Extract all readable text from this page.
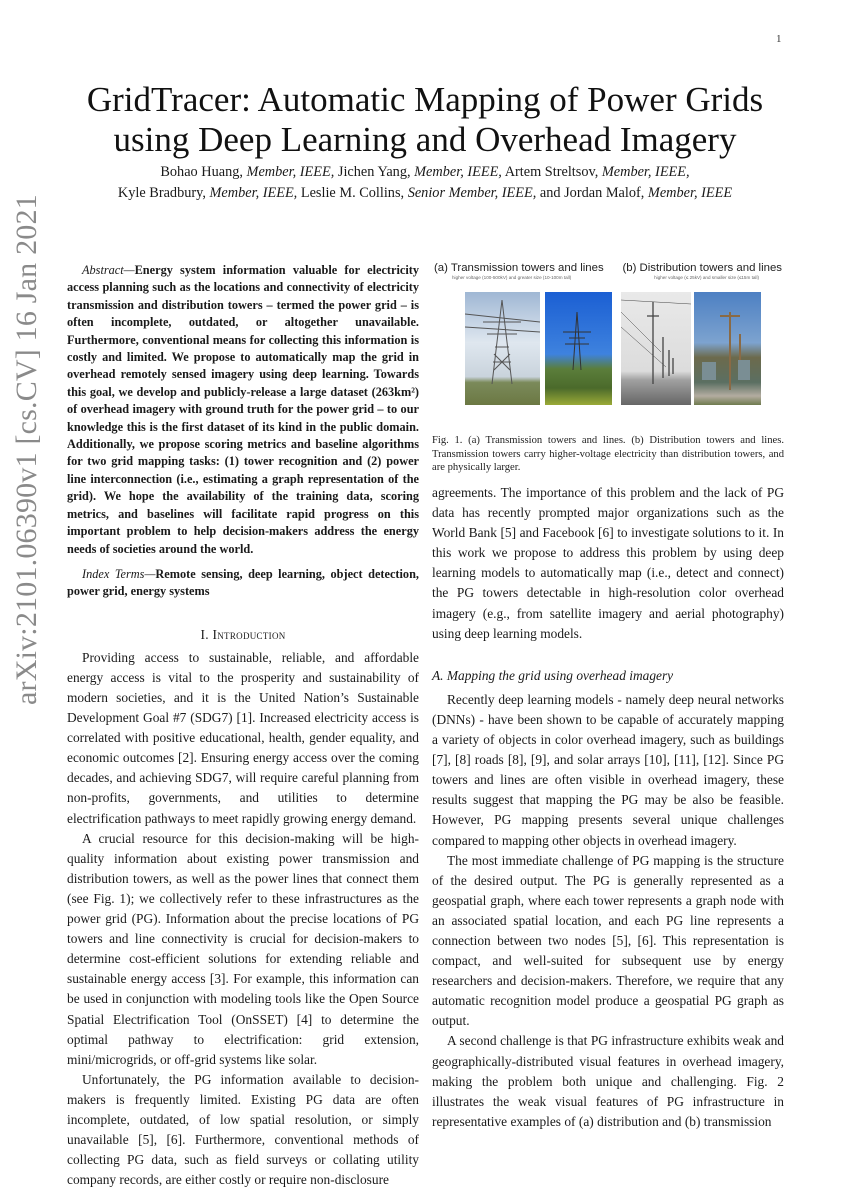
1
arXiv:2101.06390v1 [cs.CV] 16 Jan 2021
GridTracer: Automatic Mapping of Power Grids
using Deep Learning and Overhead Imagery
Bohao Huang, Member, IEEE, Jichen Yang, Member, IEEE, Artem Streltsov, Member, IEEE,
Kyle Bradbury, Member, IEEE, Leslie M. Collins, Senior Member, IEEE, and Jordan Malof, Member, IEEE

Abstract—Energy system information valuable for electricity access planning such as the locations and connectivity of electricity transmission and distribution towers – termed the power grid – is often incomplete, outdated, or altogether unavailable. Furthermore, conventional means for collecting this information is costly and limited. We propose to automatically map the grid in overhead remotely sensed imagery using deep learning. Towards this goal, we develop and publicly-release a large dataset (263km²) of overhead imagery with ground truth for the power grid – to our knowledge this is the first dataset of its kind in the public domain. Additionally, we propose scoring metrics and baseline algorithms for two grid mapping tasks: (1) tower recognition and (2) power line interconnection (i.e., estimating a graph representation of the grid). We hope the availability of the training data, scoring metrics, and baselines will facilitate rapid progress on this important problem to help decision-makers address the energy needs of societies around the world.

Index Terms—Remote sensing, deep learning, object detection, power grid, energy systems

I. Introduction

Providing access to sustainable, reliable, and affordable energy access is vital to the prosperity and sustainability of modern societies, and it is the United Nation’s Sustainable Development Goal #7 (SDG7) [1]. Increased electricity access is correlated with positive educational, health, gender equality, and economic outcomes [2]. Ensuring energy access over the coming decades, and achieving SDG7, will require careful planning from non-profits, governments, and utilities to determine electrification pathways to meet rapidly growing energy demand.

A crucial resource for this decision-making will be high-quality information about existing power transmission and distribution towers, as well as the power lines that connect them (see Fig. 1); we collectively refer to these infrastructures as the power grid (PG). Information about the precise locations of PG towers and line connectivity is crucial for decision-makers to determine cost-efficient solutions for extending reliable and sustainable energy access [3]. For example, this information can be used in conjunction with modeling tools like the Open Source Spatial Electrification Tool (OnSSET) [4] to determine the optimal pathway to electrification: grid extension, mini/microgrids, or off-grid systems like solar.

Unfortunately, the PG information available to decision-makers is frequently limited. Existing PG data are often incomplete, outdated, of low spatial resolution, or simply unavailable [5], [6]. Furthermore, conventional methods of collecting PG data, such as field surveys or collating utility company records, are either costly or require non-disclosure

(a) Transmission towers and lines (b) Distribution towers and lines
higher voltage (100-500kV) and greater size (10-100m tall)	higher voltage (≤ 25kV) and smaller size (≤15m tall)
Fig. 1. (a) Transmission towers and lines. (b) Distribution towers and lines. Transmission towers carry higher-voltage electricity than distribution towers, and are physically larger.

agreements. The importance of this problem and the lack of PG data has recently prompted major organizations such as the World Bank [5] and Facebook [6] to investigate solutions to it. In this work we propose to address this problem by using deep learning models to automatically map (i.e., detect and connect) the PG towers detectable in high-resolution color overhead imagery (e.g., from satellite imagery and aerial photography) using deep learning models.

A. Mapping the grid using overhead imagery

Recently deep learning models - namely deep neural networks (DNNs) - have been shown to be capable of accurately mapping a variety of objects in color overhead imagery, such as buildings [7], [8] roads [8], [9], and solar arrays [10], [11], [12]. Since PG towers and lines are often visible in overhead imagery, these results suggest that mapping the PG may be also be feasible. However, PG mapping presents several unique challenges compared to mapping other objects in overhead imagery.

The most immediate challenge of PG mapping is the structure of the desired output. The PG is generally represented as a geospatial graph, where each tower represents a graph node with an associated spatial location, and each PG line represents a connection between two nodes [5], [6]. This representation is compact, and well-suited for subsequent use by energy researchers and decision-makers. Therefore, we require that any automatic recognition model produce a geospatial PG graph as output.

A second challenge is that PG infrastructure exhibits weak and geographically-distributed visual features in overhead imagery, making the problem both unique and challenging. Fig. 2 illustrates the weak visual features of PG infrastructure in representative examples of (a) distribution and (b) transmission
